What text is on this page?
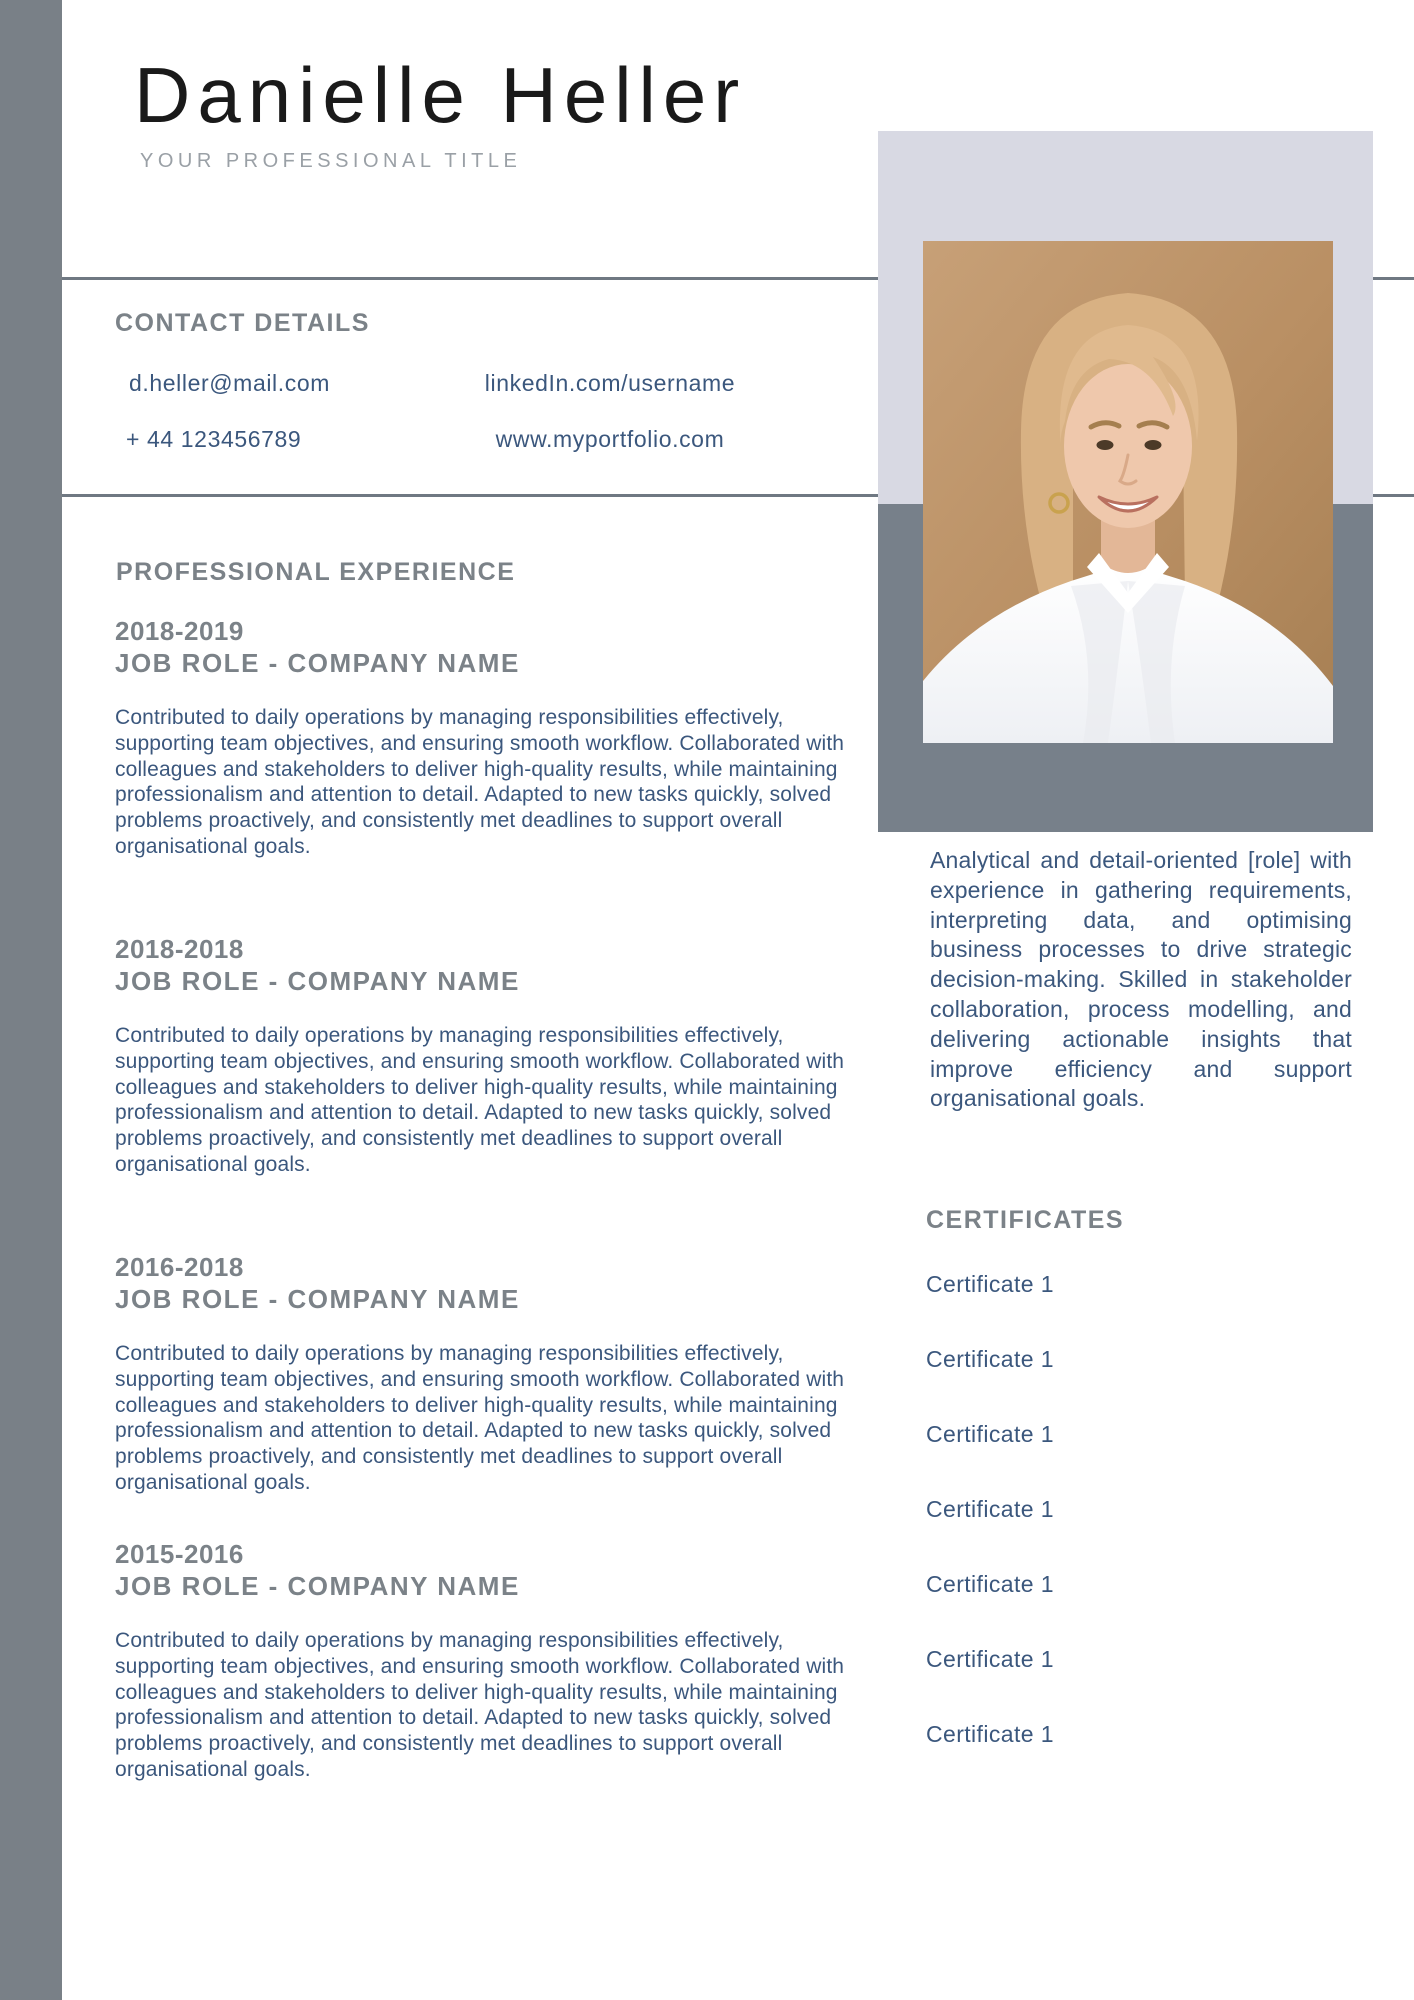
Danielle Heller
YOUR PROFESSIONAL TITLE
CONTACT DETAILS
d.heller@mail.com
+ 44 123456789
linkedIn.com/username
www.myportfolio.com
PROFESSIONAL EXPERIENCE
2018-2019
JOB ROLE - COMPANY NAME
Contributed to daily operations by managing responsibilities effectively, supporting team objectives, and ensuring smooth workflow. Collaborated with colleagues and stakeholders to deliver high-quality results, while maintaining professionalism and attention to detail. Adapted to new tasks quickly, solved problems proactively, and consistently met deadlines to support overall organisational goals.
2018-2018
JOB ROLE - COMPANY NAME
Contributed to daily operations by managing responsibilities effectively, supporting team objectives, and ensuring smooth workflow. Collaborated with colleagues and stakeholders to deliver high-quality results, while maintaining professionalism and attention to detail. Adapted to new tasks quickly, solved problems proactively, and consistently met deadlines to support overall organisational goals.
2016-2018
JOB ROLE - COMPANY NAME
Contributed to daily operations by managing responsibilities effectively, supporting team objectives, and ensuring smooth workflow. Collaborated with colleagues and stakeholders to deliver high-quality results, while maintaining professionalism and attention to detail. Adapted to new tasks quickly, solved problems proactively, and consistently met deadlines to support overall organisational goals.
2015-2016
JOB ROLE - COMPANY NAME
Contributed to daily operations by managing responsibilities effectively, supporting team objectives, and ensuring smooth workflow. Collaborated with colleagues and stakeholders to deliver high-quality results, while maintaining professionalism and attention to detail. Adapted to new tasks quickly, solved problems proactively, and consistently met deadlines to support overall organisational goals.
Analytical and detail-oriented [role] with experience in gathering requirements, interpreting data, and optimising business processes to drive strategic decision-making. Skilled in stakeholder collaboration, process modelling, and delivering actionable insights that improve efficiency and support organisational goals.
CERTIFICATES
Certificate 1
Certificate 1
Certificate 1
Certificate 1
Certificate 1
Certificate 1
Certificate 1
